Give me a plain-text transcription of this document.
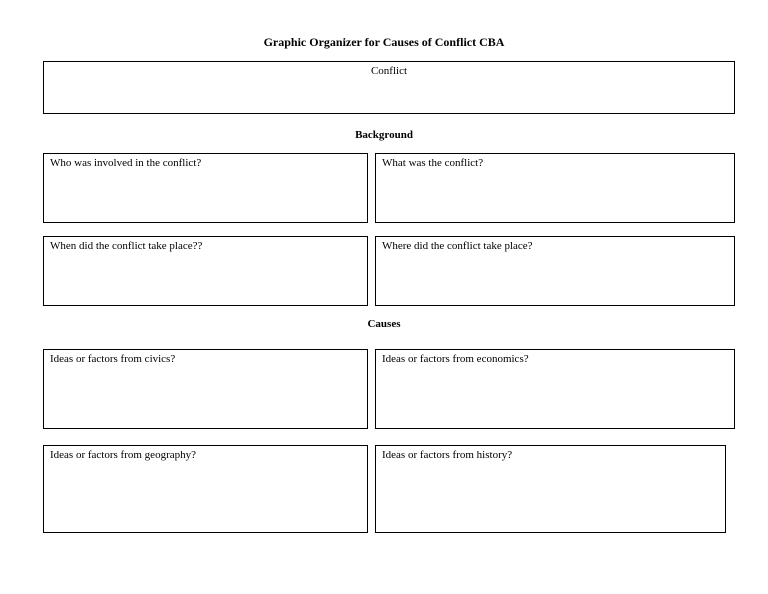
Graphic Organizer for Causes of Conflict CBA
Conflict
Background
Who was involved in the conflict?	What was the conflict?
When did the conflict take place??	Where did the conflict take place?
Causes
Ideas or factors from civics?	Ideas or factors from economics?
Ideas or factors from geography?	Ideas or factors from history?
